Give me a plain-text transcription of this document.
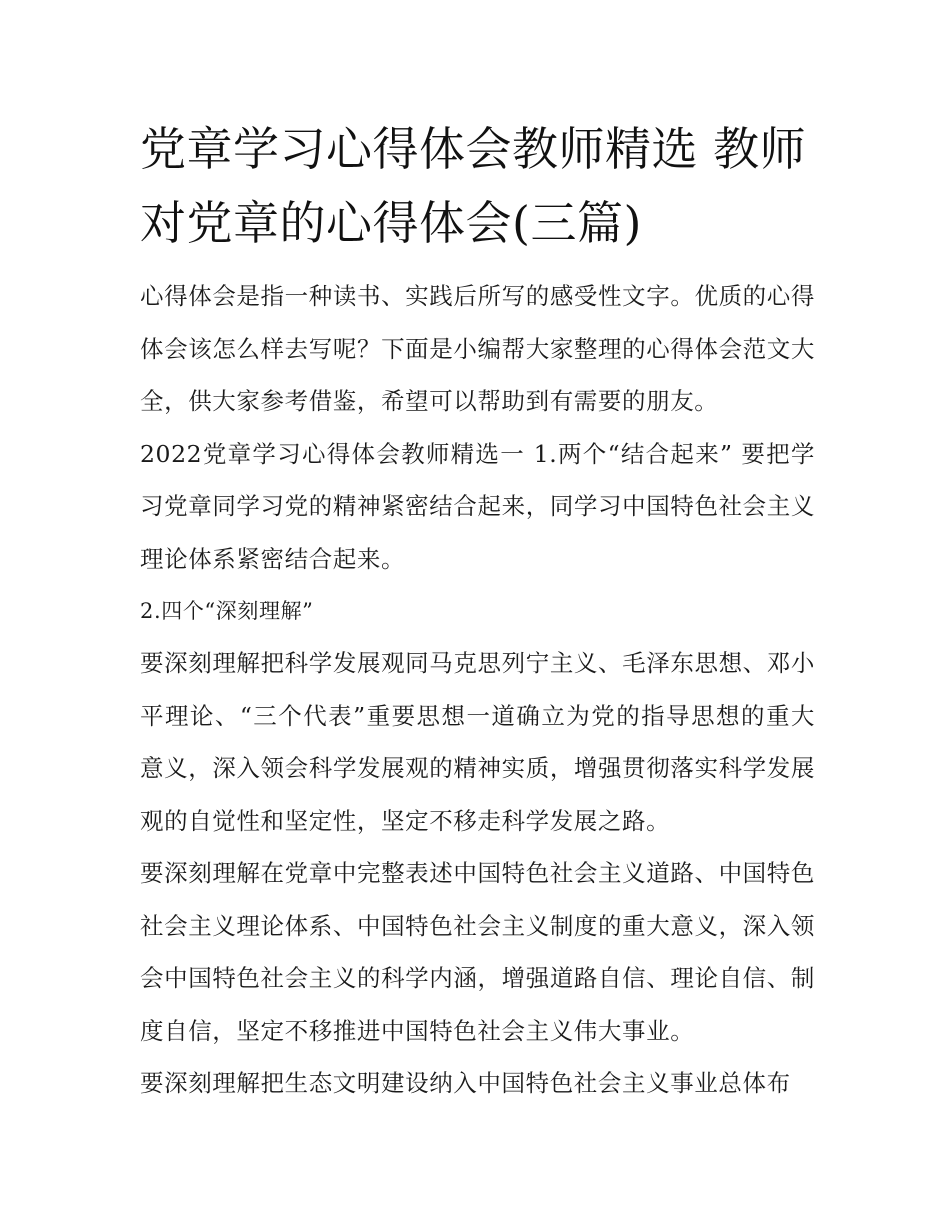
党章学习心得体会教师精选 教师对党章的心得体会(三篇)

心得体会是指一种读书、实践后所写的感受性文字。优质的心得体会该怎么样去写呢？下面是小编帮大家整理的心得体会范文大全，供大家参考借鉴，希望可以帮助到有需要的朋友。

2022党章学习心得体会教师精选一 1.两个“结合起来” 要把学习党章同学习党的精神紧密结合起来，同学习中国特色社会主义理论体系紧密结合起来。

2.四个“深刻理解”

要深刻理解把科学发展观同马克思列宁主义、毛泽东思想、邓小平理论、“三个代表”重要思想一道确立为党的指导思想的重大意义，深入领会科学发展观的精神实质，增强贯彻落实科学发展观的自觉性和坚定性，坚定不移走科学发展之路。

要深刻理解在党章中完整表述中国特色社会主义道路、中国特色社会主义理论体系、中国特色社会主义制度的重大意义，深入领会中国特色社会主义的科学内涵，增强道路自信、理论自信、制度自信，坚定不移推进中国特色社会主义伟大事业。

要深刻理解把生态文明建设纳入中国特色社会主义事业总体布
